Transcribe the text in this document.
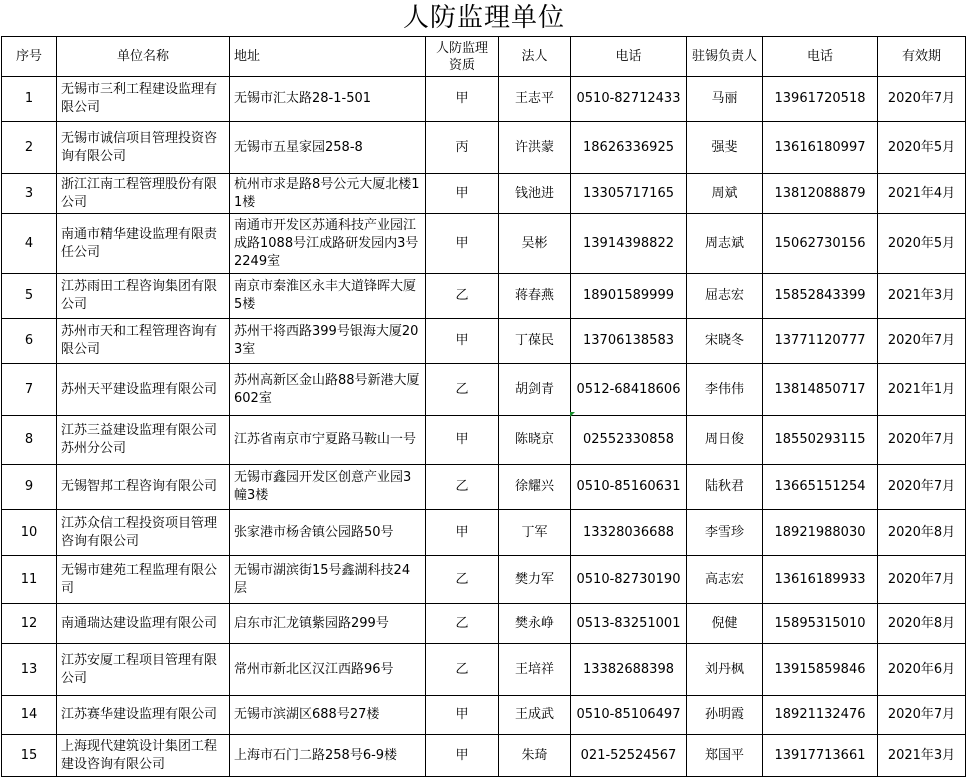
人防监理单位
序号	单位名称	地址	人防监理资质	法人	电话	驻锡负责人	电话	有效期
1	无锡市三利工程建设监理有限公司	无锡市汇太路28-1-501	甲	王志平	0510-82712433	马丽	13961720518	2020年7月
2	无锡市诚信项目管理投资咨询有限公司	无锡市五星家园258-8	丙	许洪蒙	18626336925	强斐	13616180997	2020年5月
3	浙江江南工程管理股份有限公司	杭州市求是路8号公元大厦北楼11楼	甲	钱池进	13305717165	周斌	13812088879	2021年4月
4	南通市精华建设监理有限责任公司	南通市开发区苏通科技产业园江成路1088号江成路研发园内3号2249室	甲	吴彬	13914398822	周志斌	15062730156	2020年5月
5	江苏雨田工程咨询集团有限公司	南京市秦淮区永丰大道锋晖大厦5楼	乙	蒋春燕	18901589999	屈志宏	15852843399	2021年3月
6	苏州市天和工程管理咨询有限公司	苏州干将西路399号银海大厦203室	甲	丁葆民	13706138583	宋晓冬	13771120777	2020年7月
7	苏州天平建设监理有限公司	苏州高新区金山路88号新港大厦602室	乙	胡剑青	0512-68418606	李伟伟	13814850717	2021年1月
8	江苏三益建设监理有限公司苏州分公司	江苏省南京市宁夏路马鞍山一号	甲	陈晓京	02552330858	周日俊	18550293115	2020年7月
9	无锡智邦工程咨询有限公司	无锡市鑫园开发区创意产业园3幢3楼	乙	徐耀兴	0510-85160631	陆秋君	13665151254	2020年7月
10	江苏众信工程投资项目管理咨询有限公司	张家港市杨舍镇公园路50号	甲	丁军	13328036688	李雪珍	18921988030	2020年8月
11	无锡市建苑工程监理有限公司	无锡市湖滨街15号鑫湖科技24层	乙	樊力军	0510-82730190	高志宏	13616189933	2020年7月
12	南通瑞达建设监理有限公司	启东市汇龙镇紫园路299号	乙	樊永峥	0513-83251001	倪健	15895315010	2020年8月
13	江苏安厦工程项目管理有限公司	常州市新北区汉江西路96号	乙	王培祥	13382688398	刘丹枫	13915859846	2020年6月
14	江苏赛华建设监理有限公司	无锡市滨湖区688号27楼	甲	王成武	0510-85106497	孙明霞	18921132476	2020年7月
15	上海现代建筑设计集团工程建设咨询有限公司	上海市石门二路258号6-9楼	甲	朱琦	021-52524567	郑国平	13917713661	2021年3月
